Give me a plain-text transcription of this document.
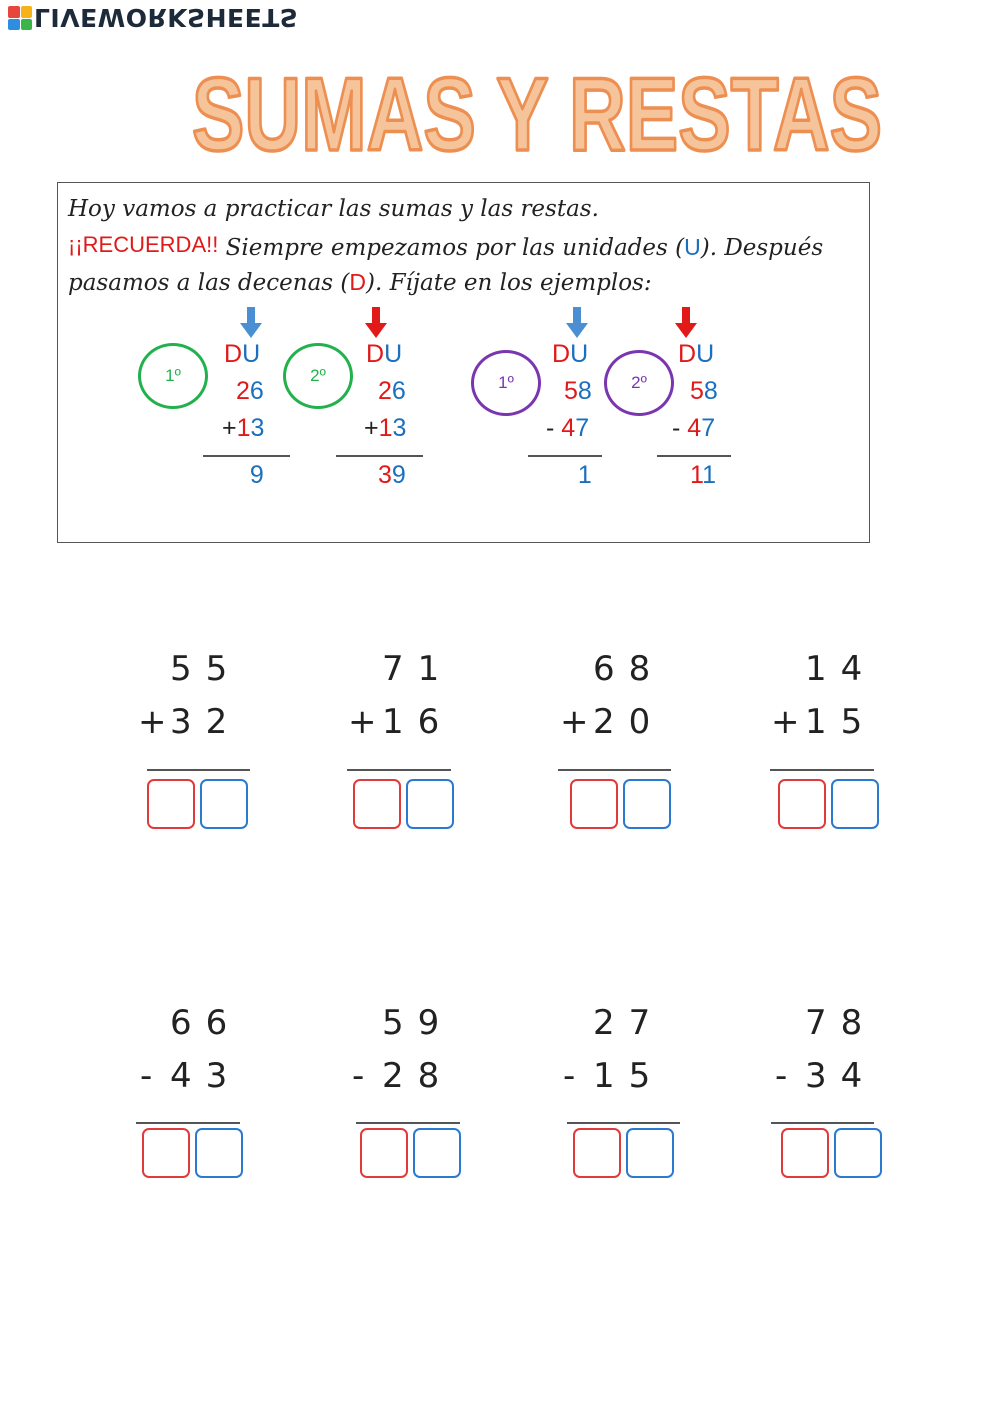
LIVEWORKSHEETS
SUMAS Y RESTAS
Hoy vamos a practicar las sumas y las restas.
¡¡RECUERDA!! Siempre empezamos por las unidades (U). Después
pasamos a las decenas (D). Fíjate en los ejemplos:
1º
DU
26
+13
9
2º
DU
26
+13
39
1º
DU
58
- 47
1
2º
DU
58
- 47
11
55
+
32
71
+
16
68
+
20
14
+
15
66
- 43
59
- 28
27
- 15
78
- 34
